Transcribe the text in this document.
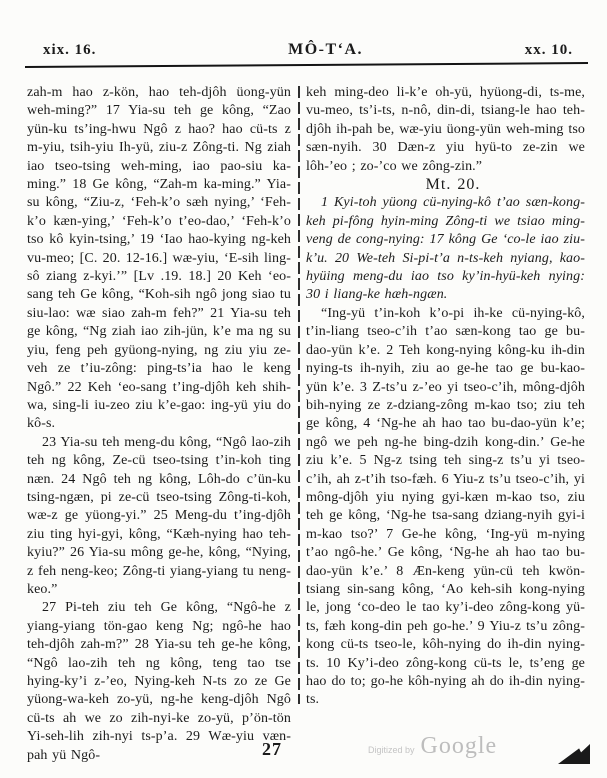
xix. 16.	MÔ-T‘A.	xx. 10.

zah-m hao z-kön, hao teh-djôh üong-yün weh-ming?” 17 Yia-su teh ge kông, “Zao yün-ku ts’ing-hwu Ngô z hao? hao cü-ts z m-yiu, tsih-yiu Ih-yü, ziu-z Zông-ti. Ng ziah iao tseo-tsing weh-ming, iao pao-siu ka-ming.” 18 Ge kông, “Zah-m ka-ming.” Yia-su kông, “Ziu-z, ‘Feh-k’o sæh nying,’ ‘Feh-k’o kæn-ying,’ ‘Feh-k’o t’eo-dao,’ ‘Feh-k’o tso kô kyin-tsing,’ 19 ‘Iao hao-kying ng-keh vu-meo; [C. 20. 12-16.] wæ-yiu, ‘E-sih ling-sô ziang z-kyi.’” [Lv .19. 18.] 20 Keh ‘eo-sang teh Ge kông, “Koh-sih ngô jong siao tu siu-lao: wæ siao zah-m feh?” 21 Yia-su teh ge kông, “Ng ziah iao zih-jün, k’e ma ng su yiu, feng peh gyüong-nying, ng ziu yiu ze-veh ze t’iu-zông: ping-ts’ia hao le keng Ngô.” 22 Keh ‘eo-sang t’ing-djôh keh shih-wa, sing-li iu-zeo ziu k’e-gao: ing-yü yiu do kô-s.

23 Yia-su teh meng-du kông, “Ngô lao-zih teh ng kông, Ze-cü tseo-tsing t’in-koh ting næn. 24 Ngô teh ng kông, Lôh-do c’ün-ku tsing-ngæn, pi ze-cü tseo-tsing Zông-ti-koh, wæ-z ge yüong-yi.” 25 Meng-du t’ing-djôh ziu ting hyi-gyi, kông, “Kæh-nying hao teh-kyiu?” 26 Yia-su mông ge-he, kông, “Nying, z feh neng-keo; Zông-ti yiang-yiang tu neng-keo.”

27 Pi-teh ziu teh Ge kông, “Ngô-he z yiang-yiang tön-gao keng Ng; ngô-he hao teh-djôh zah-m?” 28 Yia-su teh ge-he kông, “Ngô lao-zih teh ng kông, teng tao tse hying-ky’i z-’eo, Nying-keh N-ts zo ze Ge yüong-wa-keh zo-yü, ng-he keng-djôh Ngô cü-ts ah we zo zih-nyi-ke zo-yü, p’ön-tön Yi-seh-lih zih-nyi ts-p’a. 29 Wæ-yiu væn-pah yü Ngô-

keh ming-deo li-k’e oh-yü, hyüong-di, ts-me, vu-meo, ts’i-ts, n-nô, din-di, tsiang-le hao teh-djôh ih-pah be, wæ-yiu üong-yün weh-ming tso sæn-nyih. 30 Dæn-z yiu hyü-to ze-zin we lôh-’eo ; zo-’co we zông-zin.”

Mt. 20.

1 Kyi-toh yüong cü-nying-kô t’ao sæn-kong-keh pi-fông hyin-ming Zông-ti we tsiao ming-veng de cong-nying: 17 kông Ge ‘co-le iao ziu-k’u. 20 We-teh Si-pi-t’a n-ts-keh nyiang, kao-hyüing meng-du iao tso ky’in-hyü-keh nying: 30 i liang-ke hæh-ngæn.

“Ing-yü t’in-koh k’o-pi ih-ke cü-nying-kô, t’in-liang tseo-c’ih t’ao sæn-kong tao ge bu-dao-yün k’e. 2 Teh kong-nying kông-ku ih-din nying-ts ih-nyih, ziu ao ge-he tao ge bu-kao-yün k’e. 3 Z-ts’u z-’eo yi tseo-c’ih, mông-djôh bih-nying ze z-dziang-zông m-kao tso; ziu teh ge kông, 4 ‘Ng-he ah hao tao bu-dao-yün k’e; ngô we peh ng-he bing-dzih kong-din.’ Ge-he ziu k’e. 5 Ng-z tsing teh sing-z ts’u yi tseo-c’ih, ah z-t’ih tso-fæh. 6 Yiu-z ts’u tseo-c’ih, yi mông-djôh yiu nying gyi-kæn m-kao tso, ziu teh ge kông, ‘Ng-he tsa-sang dziang-nyih gyi-i m-kao tso?’ 7 Ge-he kông, ‘Ing-yü m-nying t’ao ngô-he.’ Ge kông, ‘Ng-he ah hao tao bu-dao-yün k’e.’ 8 Æn-keng yün-cü teh kwön-tsiang sin-sang kông, ‘Ao keh-sih kong-nying le, jong ‘co-deo le tao ky’i-deo zông-kong yü-ts, fæh kong-din peh go-he.’ 9 Yiu-z ts’u zông-kong cü-ts tseo-le, kôh-nying do ih-din nying-ts. 10 Ky’i-deo zông-kong cü-ts le, ts’eng ge hao do to; go-he kôh-nying ah do ih-din nying-ts.

27	Digitized by Google
